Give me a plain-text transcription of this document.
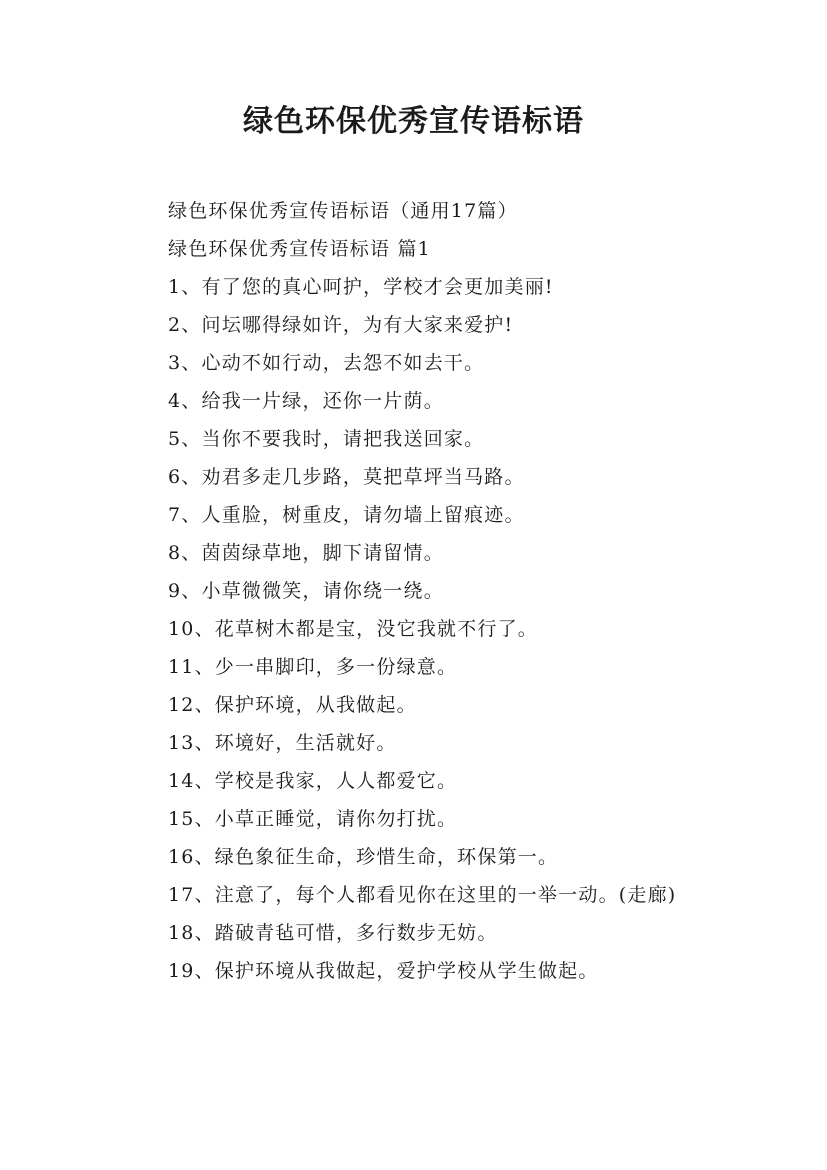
绿色环保优秀宣传语标语

绿色环保优秀宣传语标语（通用17篇）

绿色环保优秀宣传语标语 篇1

1、有了您的真心呵护，学校才会更加美丽!

2、问坛哪得绿如许，为有大家来爱护!

3、心动不如行动，去怨不如去干。

4、给我一片绿，还你一片荫。

5、当你不要我时，请把我送回家。

6、劝君多走几步路，莫把草坪当马路。

7、人重脸，树重皮，请勿墙上留痕迹。

8、茵茵绿草地，脚下请留情。

9、小草微微笑，请你绕一绕。

10、花草树木都是宝，没它我就不行了。

11、少一串脚印，多一份绿意。

12、保护环境，从我做起。

13、环境好，生活就好。

14、学校是我家，人人都爱它。

15、小草正睡觉，请你勿打扰。

16、绿色象征生命，珍惜生命，环保第一。

17、注意了，每个人都看见你在这里的一举一动。(走廊)

18、踏破青毡可惜，多行数步无妨。

19、保护环境从我做起，爱护学校从学生做起。
